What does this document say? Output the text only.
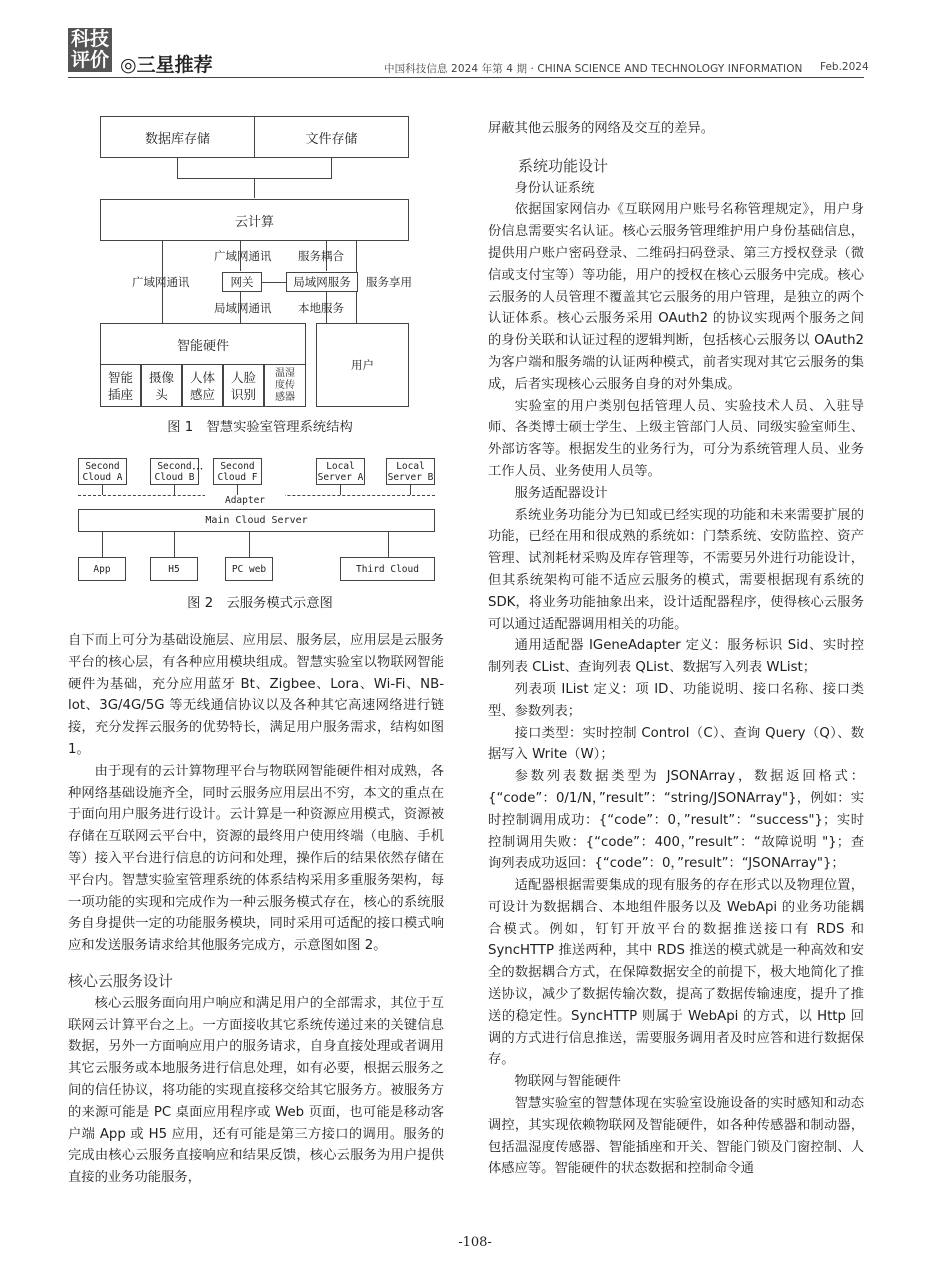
科技
评价 ◎三星推荐	中国科技信息 2024 年第 4 期 · CHINA SCIENCE AND TECHNOLOGY INFORMATION Feb.2024
数据库存储	文件存储
云计算
广域网通讯 服务耦合
广域网通讯	网关	局域网服务	服务享用
局域网通讯 本地服务
智能硬件
用户
智能
插座
摄像
头
人体
感应
人脸
识别
温湿
度传
感器
图 1　智慧实验室管理系统结构
Second
Cloud A
Second
Cloud B
Second
Cloud F
Local
Server A
Local
Server B
···
Adapter
Main Cloud Server
App	H5	PC web	Third Cloud
图 2　云服务模式示意图

自下而上可分为基础设施层、应用层、服务层，应用层是云服务平台的核心层，有各种应用模块组成。智慧实验室以物联网智能硬件为基础，充分应用蓝牙 Bt、Zigbee、Lora、Wi-Fi、NB-lot、3G/4G/5G 等无线通信协议以及各种其它高速网络进行链接，充分发挥云服务的优势特长，满足用户服务需求，结构如图 1。

由于现有的云计算物理平台与物联网智能硬件相对成熟，各种网络基础设施齐全，同时云服务应用层出不穷，本文的重点在于面向用户服务进行设计。云计算是一种资源应用模式，资源被存储在互联网云平台中，资源的最终用户使用终端（电脑、手机等）接入平台进行信息的访问和处理，操作后的结果依然存储在平台内。智慧实验室管理系统的体系结构采用多重服务架构，每一项功能的实现和完成作为一种云服务模式存在，核心的系统服务自身提供一定的功能服务模块，同时采用可适配的接口模式响应和发送服务请求给其他服务完成方，示意图如图 2。

核心云服务设计

核心云服务面向用户响应和满足用户的全部需求，其位于互联网云计算平台之上。一方面接收其它系统传递过来的关键信息数据，另外一方面响应用户的服务请求，自身直接处理或者调用其它云服务或本地服务进行信息处理，如有必要，根据云服务之间的信任协议，将功能的实现直接移交给其它服务方。被服务方的来源可能是 PC 桌面应用程序或 Web 页面，也可能是移动客户端 App 或 H5 应用，还有可能是第三方接口的调用。服务的完成由核心云服务直接响应和结果反馈，核心云服务为用户提供直接的业务功能服务，

屏蔽其他云服务的网络及交互的差异。

系统功能设计

身份认证系统

依据国家网信办《互联网用户账号名称管理规定》，用户身份信息需要实名认证。核心云服务管理维护用户身份基础信息，提供用户账户密码登录、二维码扫码登录、第三方授权登录（微信或支付宝等）等功能，用户的授权在核心云服务中完成。核心云服务的人员管理不覆盖其它云服务的用户管理，是独立的两个认证体系。核心云服务采用 OAuth2 的协议实现两个服务之间的身份关联和认证过程的逻辑判断，包括核心云服务以 OAuth2 为客户端和服务端的认证两种模式，前者实现对其它云服务的集成，后者实现核心云服务自身的对外集成。

实验室的用户类别包括管理人员、实验技术人员、入驻导师、各类博士硕士学生、上级主管部门人员、同级实验室师生、外部访客等。根据发生的业务行为，可分为系统管理人员、业务工作人员、业务使用人员等。

服务适配器设计

系统业务功能分为已知或已经实现的功能和未来需要扩展的功能，已经在用和很成熟的系统如：门禁系统、安防监控、资产管理、试剂耗材采购及库存管理等，不需要另外进行功能设计，但其系统架构可能不适应云服务的模式，需要根据现有系统的 SDK，将业务功能抽象出来，设计适配器程序，使得核心云服务可以通过适配器调用相关的功能。

通用适配器 IGeneAdapter 定义：服务标识 Sid、实时控制列表 CList、查询列表 QList、数据写入列表 WList；

列表项 IList 定义：项 ID、功能说明、接口名称、接口类型、参数列表；

接口类型：实时控制 Control（C）、查询 Query（Q）、数据写入 Write（W）；

参数列表数据类型为 JSONArray，数据返回格式：{“code”：0/1/N，”result”：“string/JSONArray"}，例如：实时控制调用成功：{“code”：0，”result”：“success"}；实时控制调用失败：{“code”：400，”result”：“故障说明 "}；查询列表成功返回：{“code”：0，”result”：“JSONArray"}；

适配器根据需要集成的现有服务的存在形式以及物理位置，可设计为数据耦合、本地组件服务以及 WebApi 的业务功能耦合模式。例如，钉钉开放平台的数据推送接口有 RDS 和 SyncHTTP 推送两种，其中 RDS 推送的模式就是一种高效和安全的数据耦合方式，在保障数据安全的前提下，极大地简化了推送协议，减少了数据传输次数，提高了数据传输速度，提升了推送的稳定性。SyncHTTP 则属于 WebApi 的方式，以 Http 回调的方式进行信息推送，需要服务调用者及时应答和进行数据保存。

物联网与智能硬件

智慧实验室的智慧体现在实验室设施设备的实时感知和动态调控，其实现依赖物联网及智能硬件，如各种传感器和制动器，包括温湿度传感器、智能插座和开关、智能门锁及门窗控制、人体感应等。智能硬件的状态数据和控制命令通

-108-
